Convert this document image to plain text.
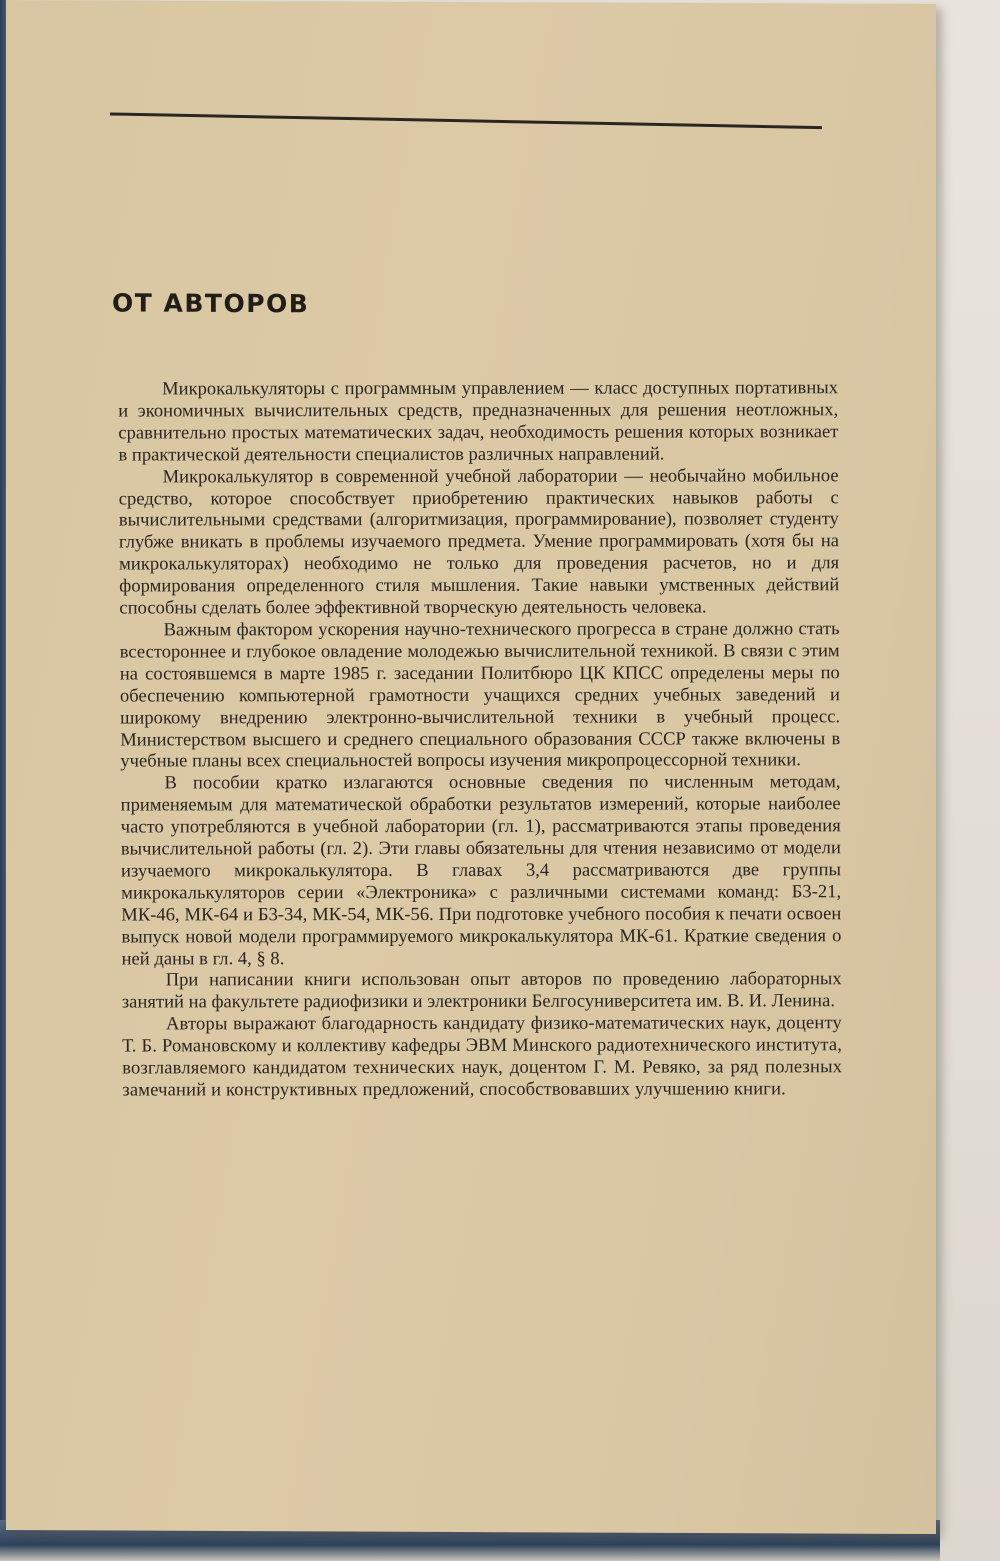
ОТ АВТОРОВ

Микрокалькуляторы с программным управлением — класс доступных портативных и экономичных вычислительных средств, предназначенных для решения неотложных, сравнительно простых математических задач, необходимость решения которых возникает в практической деятельности специалистов различных направлений.

Микрокалькулятор в современной учебной лаборатории — необычайно мобильное средство, которое способствует приобретению практических навыков работы с вычислительными средствами (алгоритмизация, программирование), позволяет студенту глубже вникать в проблемы изучаемого предмета. Умение программировать (хотя бы на микрокалькуляторах) необходимо не только для проведения расчетов, но и для формирования определенного стиля мышления. Такие навыки умственных действий способны сделать более эффективной творческую деятельность человека.

Важным фактором ускорения научно-технического прогресса в стране должно стать всестороннее и глубокое овладение молодежью вычислительной техникой. В связи с этим на состоявшемся в марте 1985 г. заседании Политбюро ЦК КПСС определены меры по обеспечению компьютерной грамотности учащихся средних учебных заведений и широкому внедрению электронно-вычислительной техники в учебный процесс. Министерством высшего и среднего специального образования СССР также включены в учебные планы всех специальностей вопросы изучения микропроцессорной техники.

В пособии кратко излагаются основные сведения по численным методам, применяемым для математической обработки результатов измерений, которые наиболее часто употребляются в учебной лаборатории (гл. 1), рассматриваются этапы проведения вычислительной работы (гл. 2). Эти главы обязательны для чтения независимо от модели изучаемого микрокалькулятора. В главах 3,4 рассматриваются две группы микрокалькуляторов серии «Электроника» с различными системами команд: Б3-21, МК-46, МК-64 и Б3-34, МК-54, МК-56. При подготовке учебного пособия к печати освоен выпуск новой модели программируемого микрокалькулятора МК-61. Краткие сведения о ней даны в гл. 4, § 8.

При написании книги использован опыт авторов по проведению лабораторных занятий на факультете радиофизики и электроники Белгосуниверситета им. В. И. Ленина.

Авторы выражают благодарность кандидату физико-математических наук, доценту Т. Б. Романовскому и коллективу кафедры ЭВМ Минского радиотехнического института, возглавляемого кандидатом технических наук, доцентом Г. М. Ревяко, за ряд полезных замечаний и конструктивных предложений, способствовавших улучшению книги.
